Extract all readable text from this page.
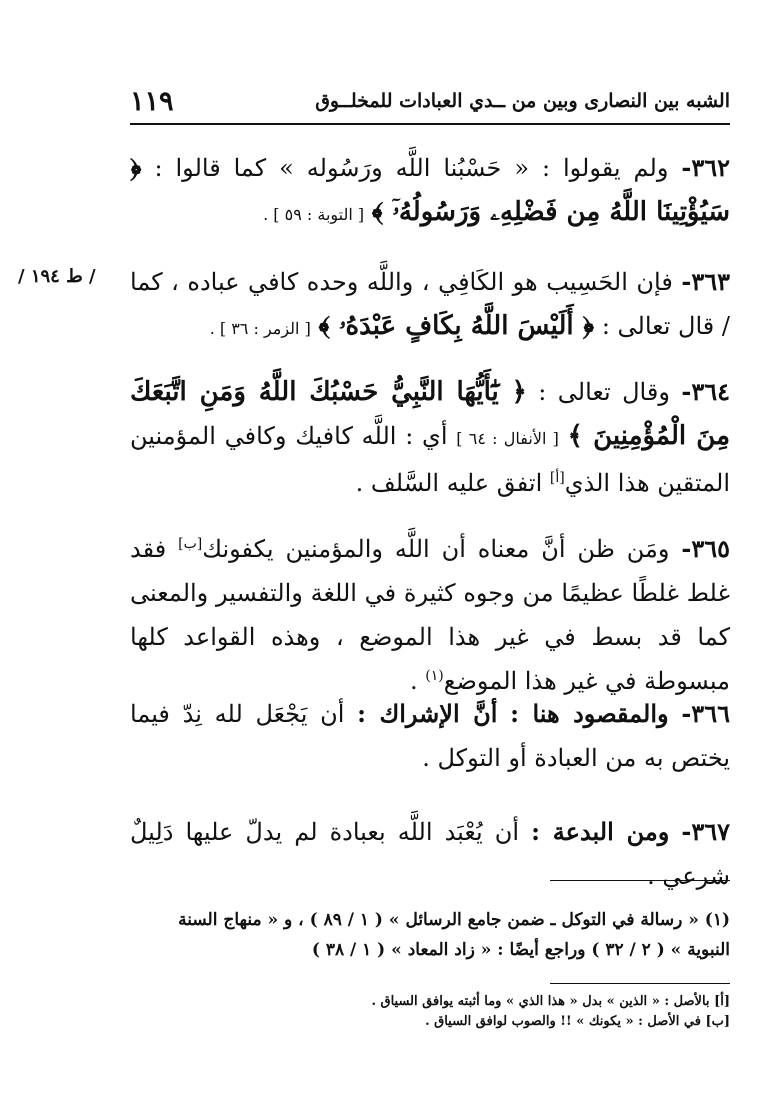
١١٩	الشبه بين النصارى وبين من ــدي العبادات للمخلــوق
/ ط ١٩٤ /
٣٦٢- ولم يقولوا : « حَسْبُنا اللَّه ورَسُوله » كما قالوا : ﴿ سَيُؤْتِينَا اللَّهُ مِن فَضْلِهِۦ وَرَسُولُهُۥٓ ﴾ [ التوبة : ٥٩ ] .
٣٦٣- فإن الحَسِيب هو الكَافِي ، واللَّه وحده كافي عباده ، كما / قال تعالى : ﴿ أَلَيْسَ اللَّهُ بِكَافٍ عَبْدَهُۥ ﴾ [ الزمر : ٣٦ ] .
٣٦٤- وقال تعالى : ﴿ يَٰٓأَيُّهَا النَّبِيُّ حَسْبُكَ اللَّهُ وَمَنِ اتَّبَعَكَ مِنَ الْمُؤْمِنِينَ ﴾ [ الأنفال : ٦٤ ] أي : اللَّه كافيك وكافي المؤمنين المتقين هذا الذي[أ] اتفق عليه السَّلف .
٣٦٥- ومَن ظن أنَّ معناه أن اللَّه والمؤمنين يكفونك[ب] فقد غلط غلطًا عظيمًا من وجوه كثيرة في اللغة والتفسير والمعنى كما قد بسط في غير هذا الموضع ، وهذه القواعد كلها مبسوطة في غير هذا الموضع$^{(١)}$ .
٣٦٦- والمقصود هنا : أنَّ الإشراك : أن يَجْعَل لله نِدّ فيما يختص به من العبادة أو التوكل .
٣٦٧- ومن البدعة : أن يُعْبَد اللَّه بعبادة لم يدلّ عليها دَلِيلٌ شرعي .
(١) « رسالة في التوكل ـ ضمن جامع الرسائل » ( ١ / ٨٩ ) ، و « منهاج السنة النبوية » ( ٢ / ٣٢ ) وراجع أيضًا : « زاد المعاد » ( ١ / ٣٨ )
[أ] بالأصل : « الذين » بدل « هذا الذي » وما أثبته يوافق السياق .
[ب] في الأصل : « يكونك » !! والصوب لوافق السياق .
